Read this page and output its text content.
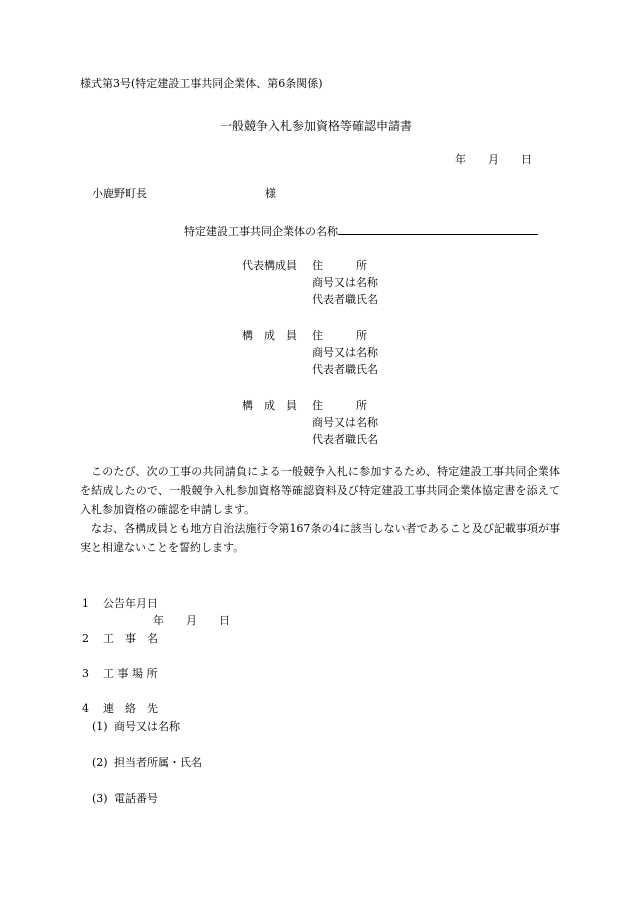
様式第3号(特定建設工事共同企業体、第6条関係)
一般競争入札参加資格等確認申請書
年 月 日
小鹿野町長	様
特定建設工事共同企業体の名称
代表構成員 住　　　所
商号又は名称
代表者職氏名
構　成　員 住　　　所
商号又は名称
代表者職氏名
構　成　員 住　　　所
商号又は名称
代表者職氏名

このたび、次の工事の共同請負による一般競争入札に参加するため、特定建設工事共同企業体を結成したので、一般競争入札参加資格等確認資料及び特定建設工事共同企業体協定書を添えて入札参加資格の確認を申請します。

なお、各構成員とも地方自治法施行令第167条の4に該当しない者であること及び記載事項が事実と相違ないことを誓約します。

1 公告年月日
年 月 日
2 工　事　名
3 工 事 場 所
4 連　絡　先
(1) 商号又は名称
(2) 担当者所属・氏名
(3) 電話番号
